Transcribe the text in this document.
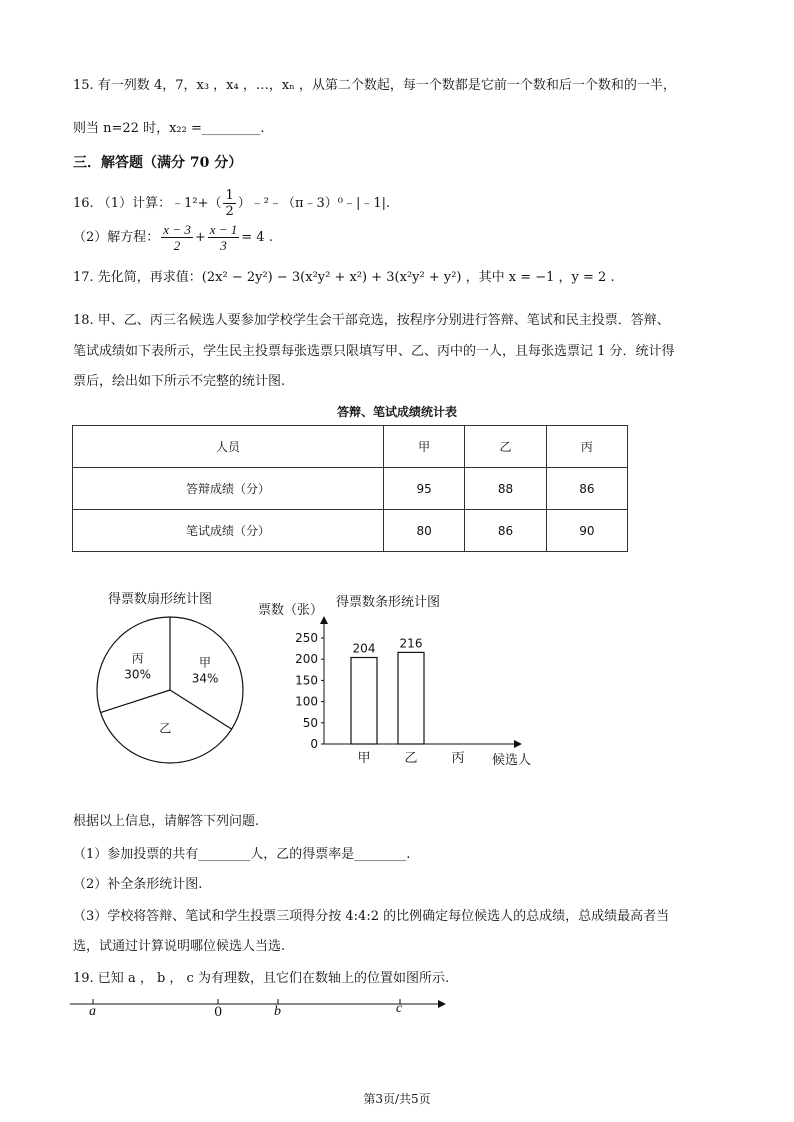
15. 有一列数 4，7，x₃ ，x₄ ，…，xₙ ，从第二个数起，每一个数都是它前一个数和后一个数和的一半，
则当 n=22 时，x₂₂ =_________.
三．解答题（满分 70 分）
16. （1）计算：﹣1²+（ $\frac{1}{2}$ ）﹣²﹣（π﹣3）⁰﹣|﹣1|.
（2）解方程： $\frac{x - 3}{2} + \frac{x - 1}{3} = 4$ .
17. 先化简，再求值：(2x² − 2y²) − 3(x²y² + x²) + 3(x²y² + y²) ，其中 x = −1 ，y = 2 .
18. 甲、乙、丙三名候选人要参加学校学生会干部竞选，按程序分别进行答辩、笔试和民主投票．答辩、
笔试成绩如下表所示，学生民主投票每张选票只限填写甲、乙、丙中的一人，且每张选票记 1 分．统计得
票后，绘出如下所示不完整的统计图.
答辩、笔试成绩统计表
人员	甲	乙	丙
答辩成绩（分）	95	88	86
笔试成绩（分）	80	86	90
得票数扇形统计图
甲
34%
丙
30%
乙
票数（张）
得票数条形统计图
0
50
100
150
200
250
204
甲
216
乙	丙 候选人
根据以上信息，请解答下列问题.
（1）参加投票的共有________人，乙的得票率是________.
（2）补全条形统计图.
（3）学校将答辩、笔试和学生投票三项得分按 4:4:2 的比例确定每位候选人的总成绩，总成绩最高者当
选，试通过计算说明哪位候选人当选.
19. 已知 a ， b ， c 为有理数，且它们在数轴上的位置如图所示.
a	0	b	c
第3页/共5页
